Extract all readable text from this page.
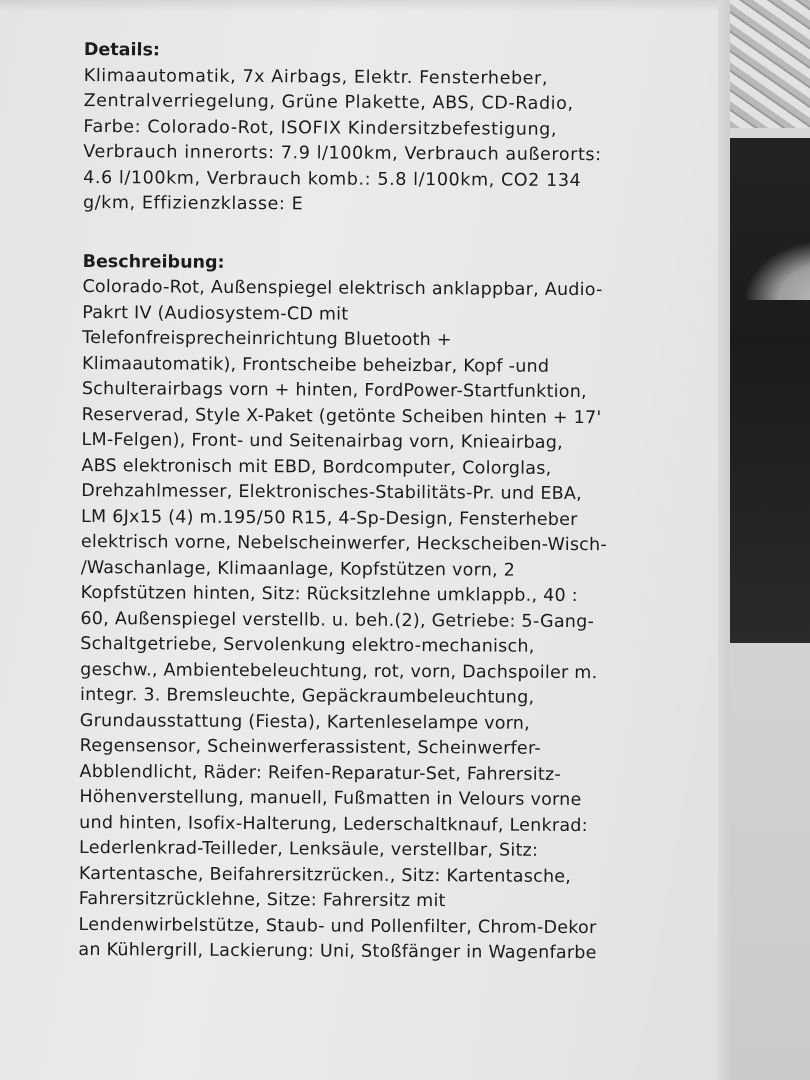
Details:
Klimaautomatik, 7x Airbags, Elektr. Fensterheber,
Zentralverriegelung, Grüne Plakette, ABS, CD-Radio,
Farbe: Colorado-Rot, ISOFIX Kindersitzbefestigung,
Verbrauch innerorts: 7.9 l/100km, Verbrauch außerorts:
4.6 l/100km, Verbrauch komb.: 5.8 l/100km, CO2 134
g/km, Effizienzklasse: E
Beschreibung:
Colorado-Rot, Außenspiegel elektrisch anklappbar, Audio-
Pakrt IV (Audiosystem-CD mit
Telefonfreisprecheinrichtung Bluetooth +
Klimaautomatik), Frontscheibe beheizbar, Kopf -und
Schulterairbags vorn + hinten, FordPower-Startfunktion,
Reserverad, Style X-Paket (getönte Scheiben hinten + 17'
LM-Felgen), Front- und Seitenairbag vorn, Knieairbag,
ABS elektronisch mit EBD, Bordcomputer, Colorglas,
Drehzahlmesser, Elektronisches-Stabilitäts-Pr. und EBA,
LM 6Jx15 (4) m.195/50 R15, 4-Sp-Design, Fensterheber
elektrisch vorne, Nebelscheinwerfer, Heckscheiben-Wisch-
/Waschanlage, Klimaanlage, Kopfstützen vorn, 2
Kopfstützen hinten, Sitz: Rücksitzlehne umklappb., 40 :
60, Außenspiegel verstellb. u. beh.(2), Getriebe: 5-Gang-
Schaltgetriebe, Servolenkung elektro-mechanisch,
geschw., Ambientebeleuchtung, rot, vorn, Dachspoiler m.
integr. 3. Bremsleuchte, Gepäckraumbeleuchtung,
Grundausstattung (Fiesta), Kartenleselampe vorn,
Regensensor, Scheinwerferassistent, Scheinwerfer-
Abblendlicht, Räder: Reifen-Reparatur-Set, Fahrersitz-
Höhenverstellung, manuell, Fußmatten in Velours vorne
und hinten, Isofix-Halterung, Lederschaltknauf, Lenkrad:
Lederlenkrad-Teilleder, Lenksäule, verstellbar, Sitz:
Kartentasche, Beifahrersitzrücken., Sitz: Kartentasche,
Fahrersitzrücklehne, Sitze: Fahrersitz mit
Lendenwirbelstütze, Staub- und Pollenfilter, Chrom-Dekor
an Kühlergrill, Lackierung: Uni, Stoßfänger in Wagenfarbe
